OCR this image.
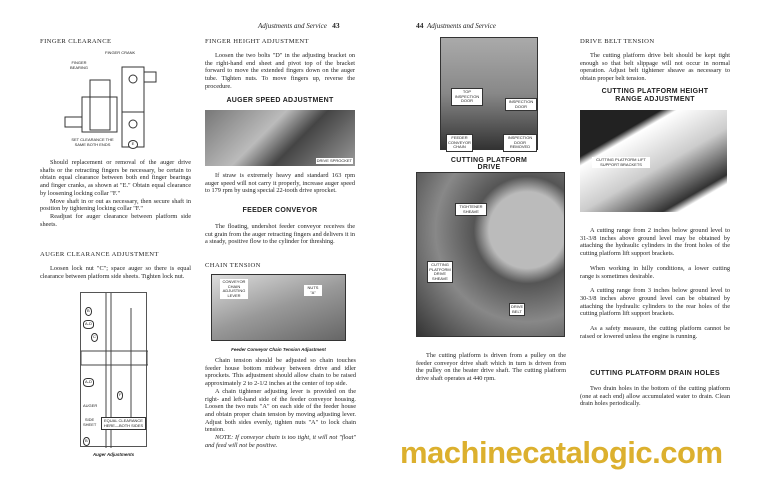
Adjustments and Service 43
FINGER CLEARANCE
FINGER CRANK
FINGER BEARING
SET CLEARANCE THE SAME BOTH ENDS	E

Should replacement or removal of the auger drive shafts or the retracting fingers be necessary, be certain to obtain equal clearance between both end finger bearings and finger cranks, as shown at "E." Obtain equal clearance by loosening locking collar "F."

Move shaft in or out as necessary, then secure shaft in position by tightening locking collar "F."

Readjust for auger clearance between platform side sheets.

AUGER CLEARANCE ADJUSTMENT

Loosen lock nut "C"; space auger so there is equal clearance between platform side sheets. Tighten lock nut.

B
A-D
C
A-D
F
AUGER
SIDE SHEET
EQUAL CLEARANCE HERE—BOTH SIDES
B
Auger Adjustments
FINGER HEIGHT ADJUSTMENT

Loosen the two bolts "D" in the adjusting bracket on the right-hand end sheet and pivot top of the bracket forward to move the extended fingers down on the auger tube. Tighten nuts. To move fingers up, reverse the procedure.

AUGER SPEED ADJUSTMENT
DRIVE SPROCKET

If straw is extremely heavy and standard 163 rpm auger speed will not carry it properly, increase auger speed to 179 rpm by using special 22-tooth drive sprocket.

FEEDER CONVEYOR

The floating, undershot feeder conveyor receives the cut grain from the auger retracting fingers and delivers it in a steady, positive flow to the cylinder for threshing.

CHAIN TENSION
CONVEYOR CHAIN ADJUSTING LEVER
NUTS "A"
Feeder Conveyor Chain Tension Adjustment

Chain tension should be adjusted so chain touches feeder house bottom midway between drive and idler sprockets. This adjustment should allow chain to be raised approximately 2 to 2-1/2 inches at the center of top side.

A chain tightener adjusting lever is provided on the right- and left-hand side of the feeder conveyor housing. Loosen the two nuts "A" on each side of the feeder house and obtain proper chain tension by moving adjusting lever. Adjust both sides evenly, tighten nuts "A" to lock chain tension.

NOTE: If conveyor chain is too tight, it will not "float" and feed will not be positive.

44 Adjustments and Service
TOP INSPECTION DOOR	INSPECTION DOOR
FEEDER CONVEYOR CHAIN
INSPECTION DOOR REMOVED
CUTTING PLATFORM DRIVE
TIGHTENER SHEAVE
CUTTING PLATFORM DRIVE SHEAVE
DRIVE BELT

The cutting platform is driven from a pulley on the feeder conveyor drive shaft which in turn is driven from the pulley on the beater drive shaft. The cutting platform drive shaft operates at 440 rpm.

DRIVE BELT TENSION

The cutting platform drive belt should be kept tight enough so that belt slippage will not occur in normal operation. Adjust belt tightener sheave as necessary to obtain proper belt tension.

CUTTING PLATFORM HEIGHT RANGE ADJUSTMENT
CUTTING PLATFORM LIFT SUPPORT BRACKETS

A cutting range from 2 inches below ground level to 31-3/8 inches above ground level may be obtained by attaching the hydraulic cylinders in the front holes of the cutting platform lift support brackets.

When working in hilly conditions, a lower cutting range is sometimes desirable.

A cutting range from 3 inches below ground level to 30-3/8 inches above ground level can be obtained by attaching the hydraulic cylinders to the rear holes of the cutting platform lift support brackets.

As a safety measure, the cutting platform cannot be raised or lowered unless the engine is running.

CUTTING PLATFORM DRAIN HOLES

Two drain holes in the bottom of the cutting platform (one at each end) allow accumulated water to drain. Clean drain holes periodically.

machinecatalogic.com
